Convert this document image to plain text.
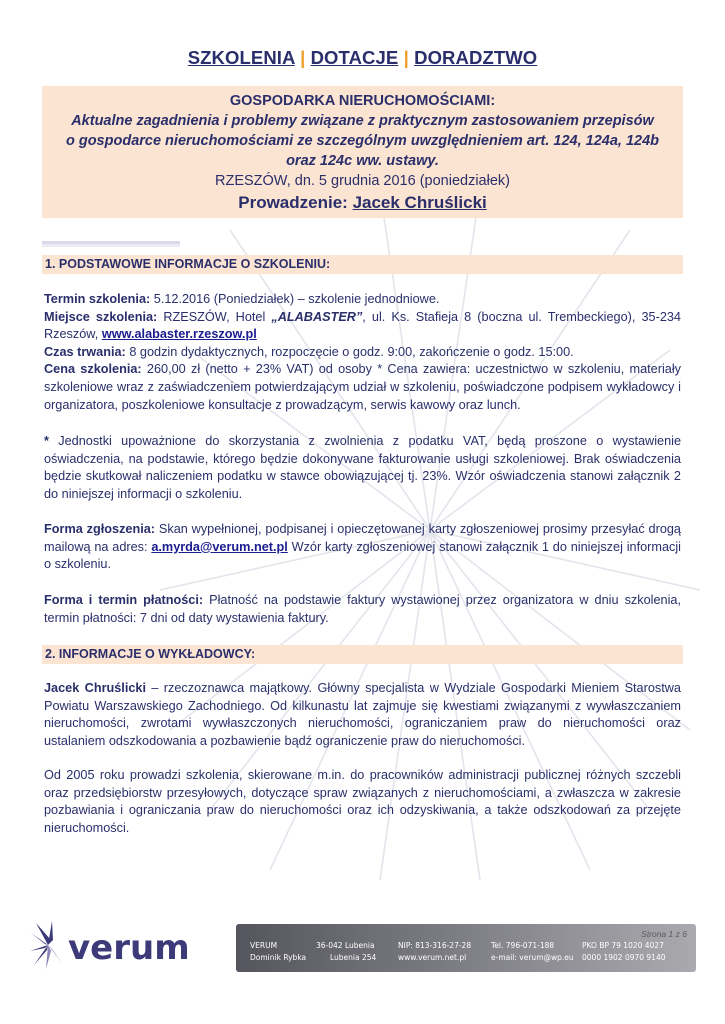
SZKOLENIA | DOTACJE | DORADZTWO
GOSPODARKA NIERUCHOMOŚCIAMI:
Aktualne zagadnienia i problemy związane z praktycznym zastosowaniem przepisów
o gospodarce nieruchomościami ze szczególnym uwzględnieniem art. 124, 124a, 124b
oraz 124c ww. ustawy.
RZESZÓW, dn. 5 grudnia 2016 (poniedziałek)
Prowadzenie: Jacek Chruślicki
1. PODSTAWOWE INFORMACJE O SZKOLENIU:
Termin szkolenia: 5.12.2016 (Poniedziałek) – szkolenie jednodniowe.
Miejsce szkolenia: RZESZÓW, Hotel „ALABASTER”, ul. Ks. Stafieja 8 (boczna ul. Trembeckiego), 35-234 Rzeszów, www.alabaster.rzeszow.pl
Czas trwania: 8 godzin dydaktycznych, rozpoczęcie o godz. 9:00, zakończenie o godz. 15:00.
Cena szkolenia: 260,00 zł (netto + 23% VAT) od osoby * Cena zawiera: uczestnictwo w szkoleniu, materiały szkoleniowe wraz z zaświadczeniem potwierdzającym udział w szkoleniu, poświadczone podpisem wykładowcy i organizatora, poszkoleniowe konsultacje z prowadzącym, serwis kawowy oraz lunch.
* Jednostki upoważnione do skorzystania z zwolnienia z podatku VAT, będą proszone o wystawienie oświadczenia, na podstawie, którego będzie dokonywane fakturowanie usługi szkoleniowej. Brak oświadczenia będzie skutkował naliczeniem podatku w stawce obowiązującej tj. 23%. Wzór oświadczenia stanowi załącznik 2 do niniejszej informacji o szkoleniu.
Forma zgłoszenia: Skan wypełnionej, podpisanej i opieczętowanej karty zgłoszeniowej prosimy przesyłać drogą mailową na adres: a.myrda@verum.net.pl Wzór karty zgłoszeniowej stanowi załącznik 1 do niniejszej informacji o szkoleniu.
Forma i termin płatności: Płatność na podstawie faktury wystawionej przez organizatora w dniu szkolenia, termin płatności: 7 dni od daty wystawienia faktury.
2. INFORMACJE O WYKŁADOWCY:
Jacek Chruślicki – rzeczoznawca majątkowy. Główny specjalista w Wydziale Gospodarki Mieniem Starostwa Powiatu Warszawskiego Zachodniego. Od kilkunastu lat zajmuje się kwestiami związanymi z wywłaszczaniem nieruchomości, zwrotami wywłaszczonych nieruchomości, ograniczaniem praw do nieruchomości oraz ustalaniem odszkodowania a pozbawienie bądź ograniczenie praw do nieruchomości.
Od 2005 roku prowadzi szkolenia, skierowane m.in. do pracowników administracji publicznej różnych szczebli oraz przedsiębiorstw przesyłowych, dotyczące spraw związanych z nieruchomościami, a zwłaszcza w zakresie pozbawiania i ograniczania praw do nieruchomości oraz ich odzyskiwania, a także odszkodowań za przejęte nieruchomości.
verum	Strona 1 z 6
VERUM
Dominik Rybka
36-042 Lubenia
Lubenia 254
NIP: 813-316-27-28
www.verum.net.pl
Tel. 796-071-188
e-mail: verum@wp.eu
PKO BP 79 1020 4027
0000 1902 0970 9140
